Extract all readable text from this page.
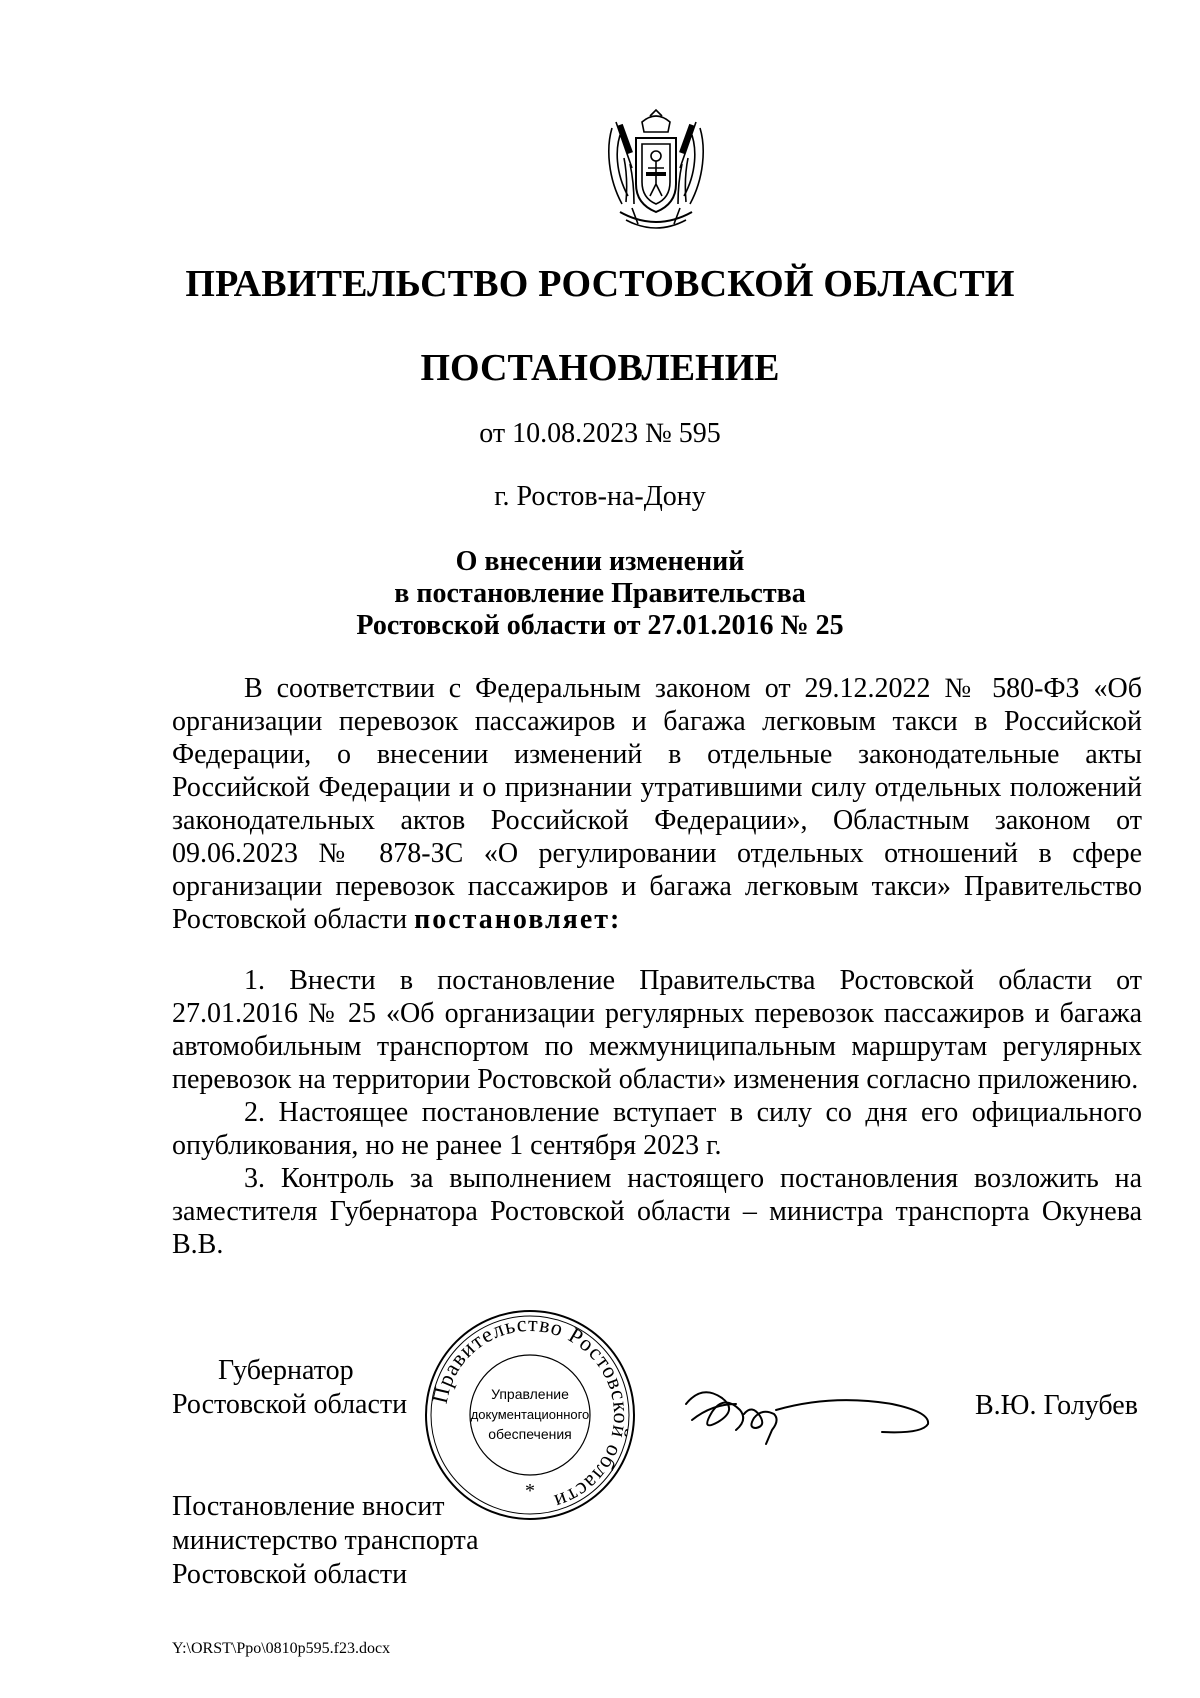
ПРАВИТЕЛЬСТВО РОСТОВСКОЙ ОБЛАСТИ
ПОСТАНОВЛЕНИЕ
от 10.08.2023 № 595
г. Ростов-на-Дону
О внесении изменений
в постановление Правительства
Ростовской области от 27.01.2016 № 25

В соответствии с Федеральным законом от 29.12.2022 № 580-ФЗ «Об организации перевозок пассажиров и багажа легковым такси в Российской Федерации, о внесении изменений в отдельные законодательные акты Российской Федерации и о признании утратившими силу отдельных положений законодательных актов Российской Федерации», Областным законом от 09.06.2023 № 878-ЗС «О регулировании отдельных отношений в сфере организации перевозок пассажиров и багажа легковым такси» Правительство Ростовской области постановляет:

1. Внести в постановление Правительства Ростовской области от 27.01.2016 № 25 «Об организации регулярных перевозок пассажиров и багажа автомобильным транспортом по межмуниципальным маршрутам регулярных перевозок на территории Ростовской области» изменения согласно приложению.

2. Настоящее постановление вступает в силу со дня его официального опубликования, но не ранее 1 сентября 2023 г.

3. Контроль за выполнением настоящего постановления возложить на заместителя Губернатора Ростовской области – министра транспорта Окунева В.В.

Губернатор
Ростовской области Правительство Ростовской области
Управление
документационного
обеспечения
*
В.Ю. Голубев
Постановление вносит
министерство транспорта
Ростовской области
Y:\ORST\Ppo\0810p595.f23.docx
